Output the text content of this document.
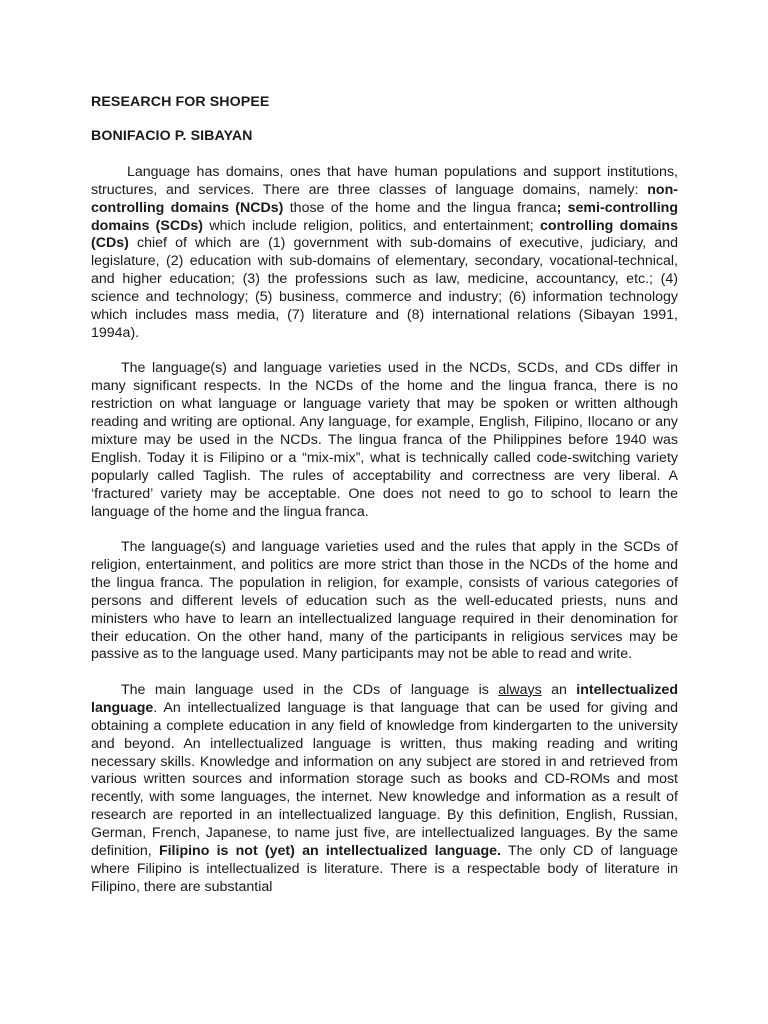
RESEARCH FOR SHOPEE

BONIFACIO P. SIBAYAN

Language has domains, ones that have human populations and support institutions, structures, and services. There are three classes of language domains, namely: non-controlling domains (NCDs) those of the home and the lingua franca; semi-controlling domains (SCDs) which include religion, politics, and entertainment; controlling domains (CDs) chief of which are (1) government with sub-domains of executive, judiciary, and legislature, (2) education with sub-domains of elementary, secondary, vocational-technical, and higher education; (3) the professions such as law, medicine, accountancy, etc.; (4) science and technology; (5) business, commerce and industry; (6) information technology which includes mass media, (7) literature and (8) international relations (Sibayan 1991, 1994a).

The language(s) and language varieties used in the NCDs, SCDs, and CDs differ in many significant respects. In the NCDs of the home and the lingua franca, there is no restriction on what language or language variety that may be spoken or written although reading and writing are optional. Any language, for example, English, Filipino, Ilocano or any mixture may be used in the NCDs. The lingua franca of the Philippines before 1940 was English. Today it is Filipino or a “mix-mix”, what is technically called code-switching variety popularly called Taglish. The rules of acceptability and correctness are very liberal. A ‘fractured’ variety may be acceptable. One does not need to go to school to learn the language of the home and the lingua franca.

The language(s) and language varieties used and the rules that apply in the SCDs of religion, entertainment, and politics are more strict than those in the NCDs of the home and the lingua franca. The population in religion, for example, consists of various categories of persons and different levels of education such as the well-educated priests, nuns and ministers who have to learn an intellectualized language required in their denomination for their education. On the other hand, many of the participants in religious services may be passive as to the language used. Many participants may not be able to read and write.

The main language used in the CDs of language is always an intellectualized language. An intellectualized language is that language that can be used for giving and obtaining a complete education in any field of knowledge from kindergarten to the university and beyond. An intellectualized language is written, thus making reading and writing necessary skills. Knowledge and information on any subject are stored in and retrieved from various written sources and information storage such as books and CD-ROMs and most recently, with some languages, the internet. New knowledge and information as a result of research are reported in an intellectualized language. By this definition, English, Russian, German, French, Japanese, to name just five, are intellectualized languages. By the same definition, Filipino is not (yet) an intellectualized language. The only CD of language where Filipino is intellectualized is literature. There is a respectable body of literature in Filipino, there are substantial
